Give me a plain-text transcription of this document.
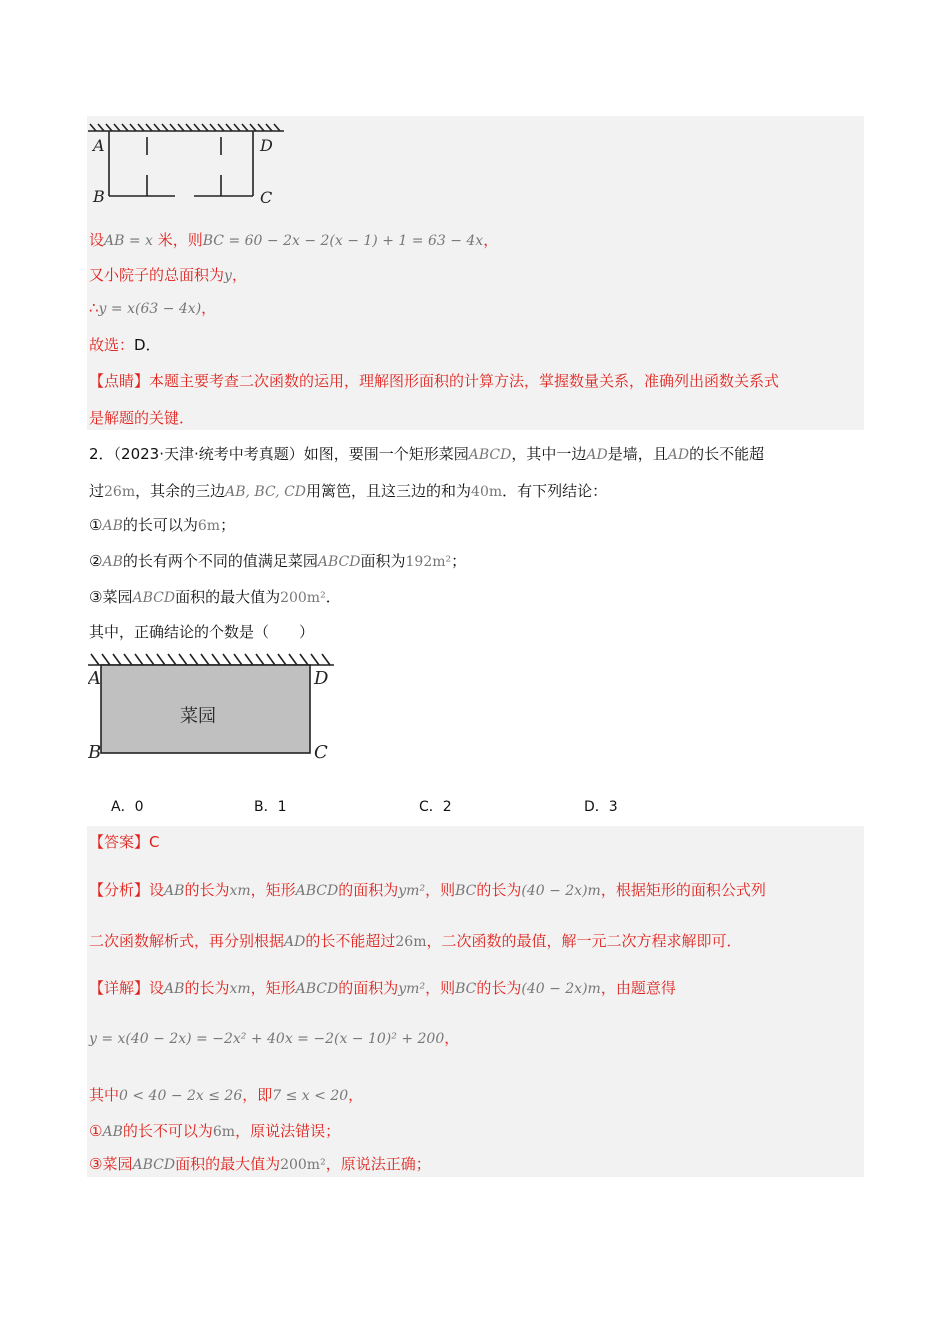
A	D
B	C
设AB = x 米，则BC = 60 − 2x − 2(x − 1) + 1 = 63 − 4x，
又小院子的总面积为y，
∴y = x(63 − 4x)，
故选：D．
【点睛】本题主要考查二次函数的运用，理解图形面积的计算方法，掌握数量关系，准确列出函数关系式
是解题的关键．
2．（2023·天津·统考中考真题）如图，要围一个矩形菜园ABCD，其中一边AD是墙，且AD的长不能超
过26m，其余的三边AB, BC, CD用篱笆，且这三边的和为40m．有下列结论：
①AB的长可以为6m；
②AB的长有两个不同的值满足菜园ABCD面积为192m²；
③菜园ABCD面积的最大值为200m²．
其中，正确结论的个数是（　　）
菜园
A	D
B	C
A．0	B．1	C．2	D．3
【答案】C
【分析】设AB的长为xm，矩形ABCD的面积为ym²，则BC的长为(40 − 2x)m，根据矩形的面积公式列
二次函数解析式，再分别根据AD的长不能超过26m，二次函数的最值，解一元二次方程求解即可．
【详解】设AB的长为xm，矩形ABCD的面积为ym²，则BC的长为(40 − 2x)m，由题意得
y = x(40 − 2x) = −2x² + 40x = −2(x − 10)² + 200，
其中0 < 40 − 2x ≤ 26，即7 ≤ x < 20，
①AB的长不可以为6m，原说法错误；
③菜园ABCD面积的最大值为200m²，原说法正确；
